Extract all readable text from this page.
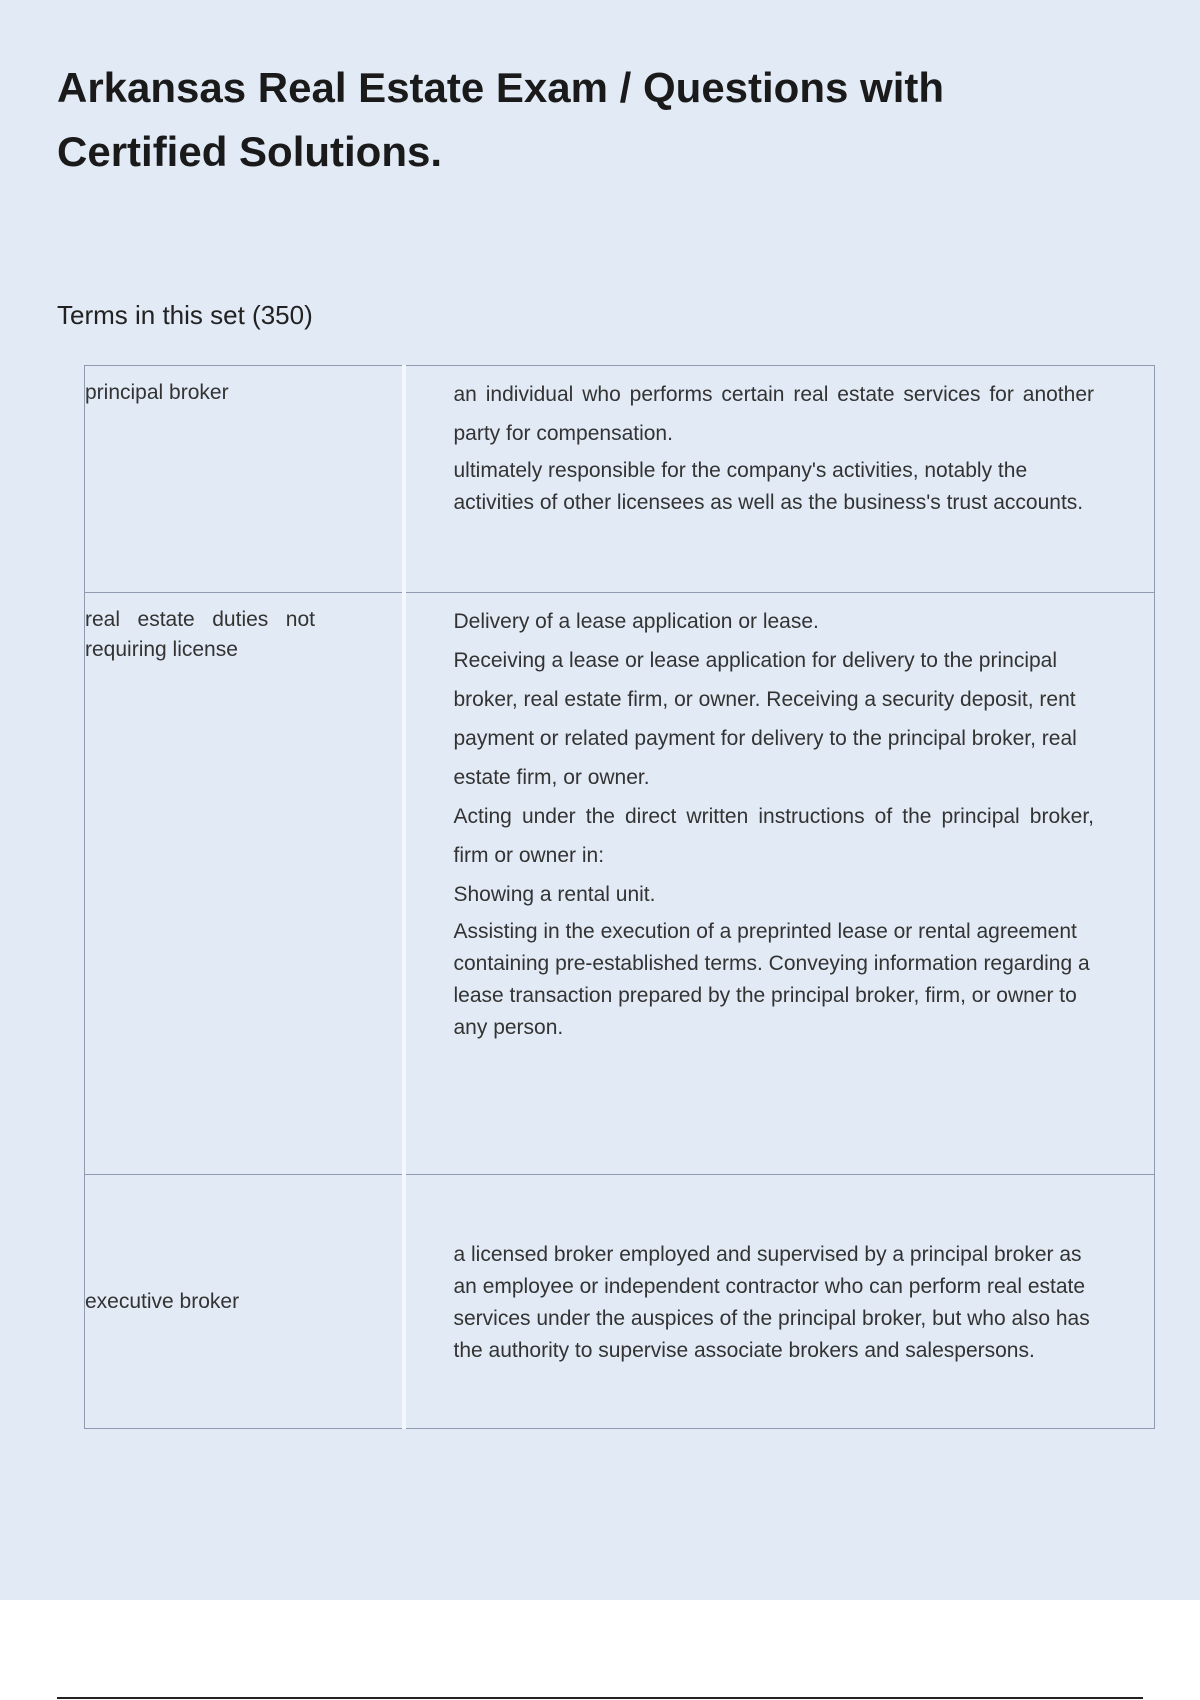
Arkansas Real Estate Exam / Questions with Certified Solutions.

Terms in this set (350)

principal broker	an individual who performs certain real estate services for another party for compensation.

ultimately responsible for the company's activities, notably the activities of other licensees as well as the business's trust accounts.

real estate duties not requiring license	Delivery of a lease application or lease.

Receiving a lease or lease application for delivery to the principal broker, real estate firm, or owner. Receiving a security deposit, rent payment or related payment for delivery to the principal broker, real estate firm, or owner.

Acting under the direct written instructions of the principal broker, firm or owner in:

Showing a rental unit.

Assisting in the execution of a preprinted lease or rental agreement containing pre-established terms. Conveying information regarding a lease transaction prepared by the principal broker, firm, or owner to any person.

executive broker	a licensed broker employed and supervised by a principal broker as an employee or independent contractor who can perform real estate services under the auspices of the principal broker, but who also has the authority to supervise associate brokers and salespersons.
